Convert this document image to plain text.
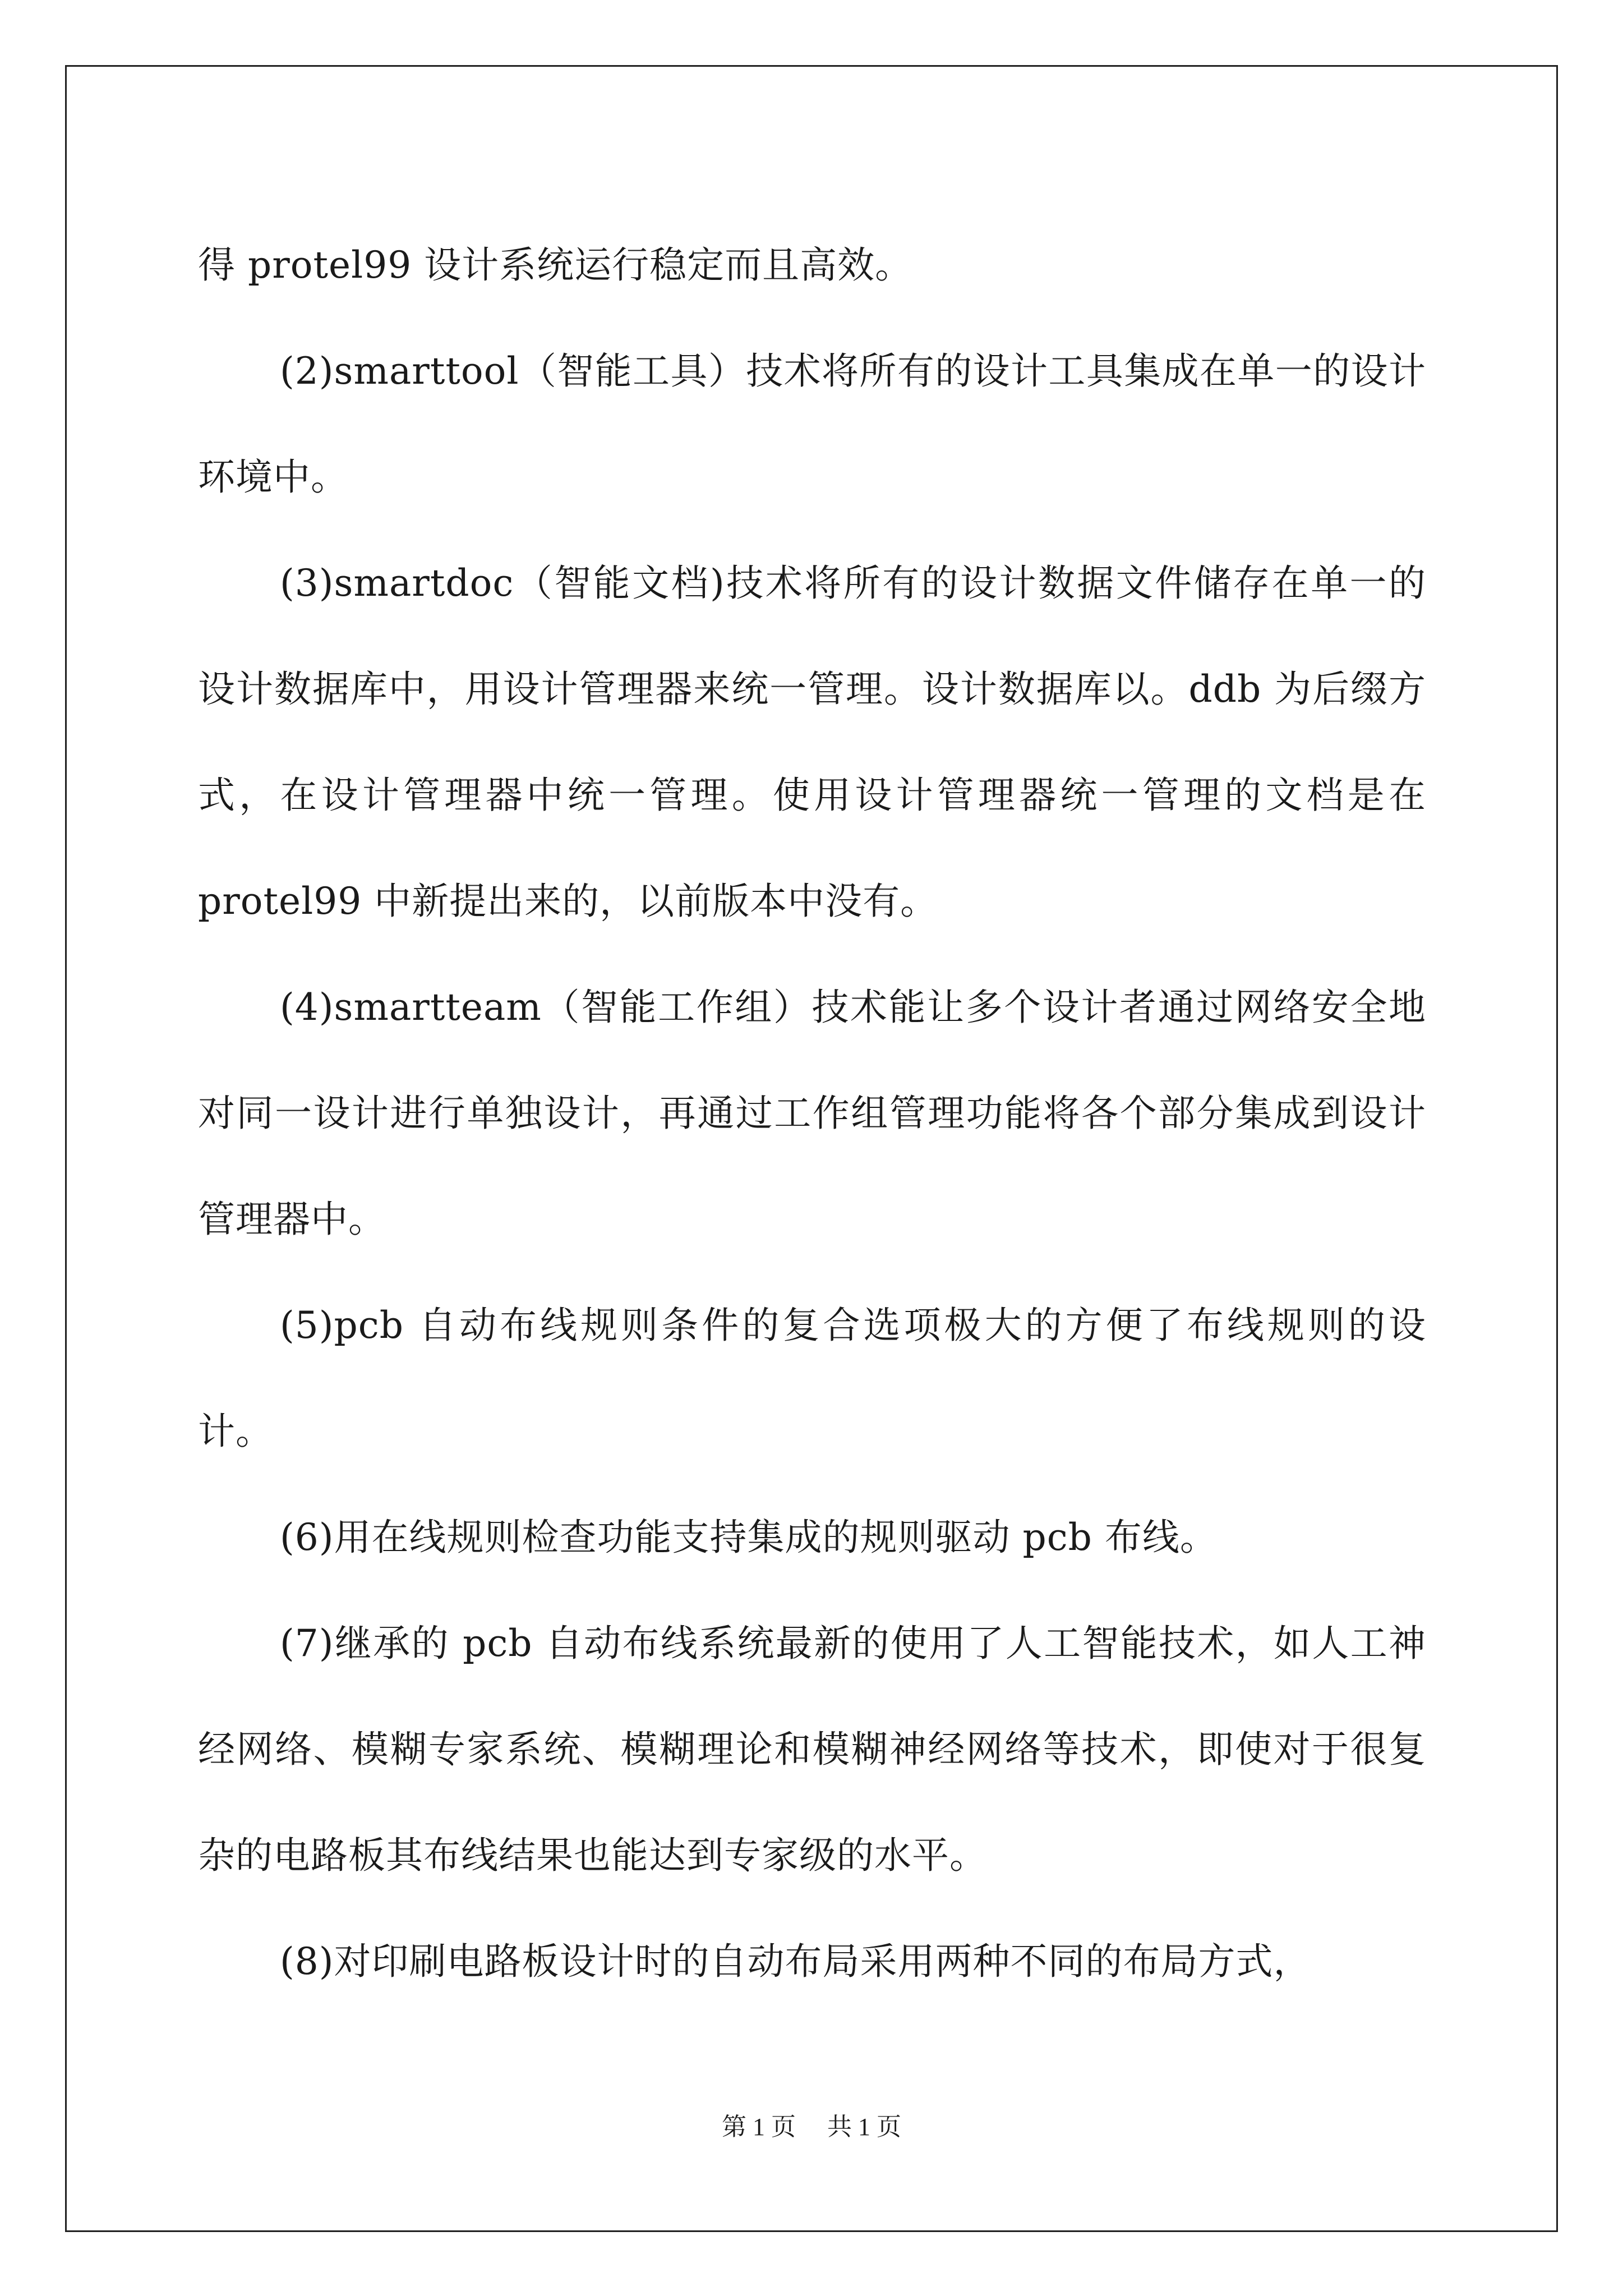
得 protel99 设计系统运行稳定而且高效。

(2)smarttool（智能工具）技术将所有的设计工具集成在单一的设计环境中。

(3)smartdoc（智能文档)技术将所有的设计数据文件储存在单一的设计数据库中，用设计管理器来统一管理。设计数据库以。ddb 为后缀方式，在设计管理器中统一管理。使用设计管理器统一管理的文档是在 protel99 中新提出来的，以前版本中没有。

(4)smartteam（智能工作组）技术能让多个设计者通过网络安全地对同一设计进行单独设计，再通过工作组管理功能将各个部分集成到设计管理器中。

(5)pcb 自动布线规则条件的复合选项极大的方便了布线规则的设计。

(6)用在线规则检查功能支持集成的规则驱动 pcb 布线。

(7)继承的 pcb 自动布线系统最新的使用了人工智能技术，如人工神经网络、模糊专家系统、模糊理论和模糊神经网络等技术，即使对于很复杂的电路板其布线结果也能达到专家级的水平。

(8)对印刷电路板设计时的自动布局采用两种不同的布局方式，

第 1 页 共 1 页
